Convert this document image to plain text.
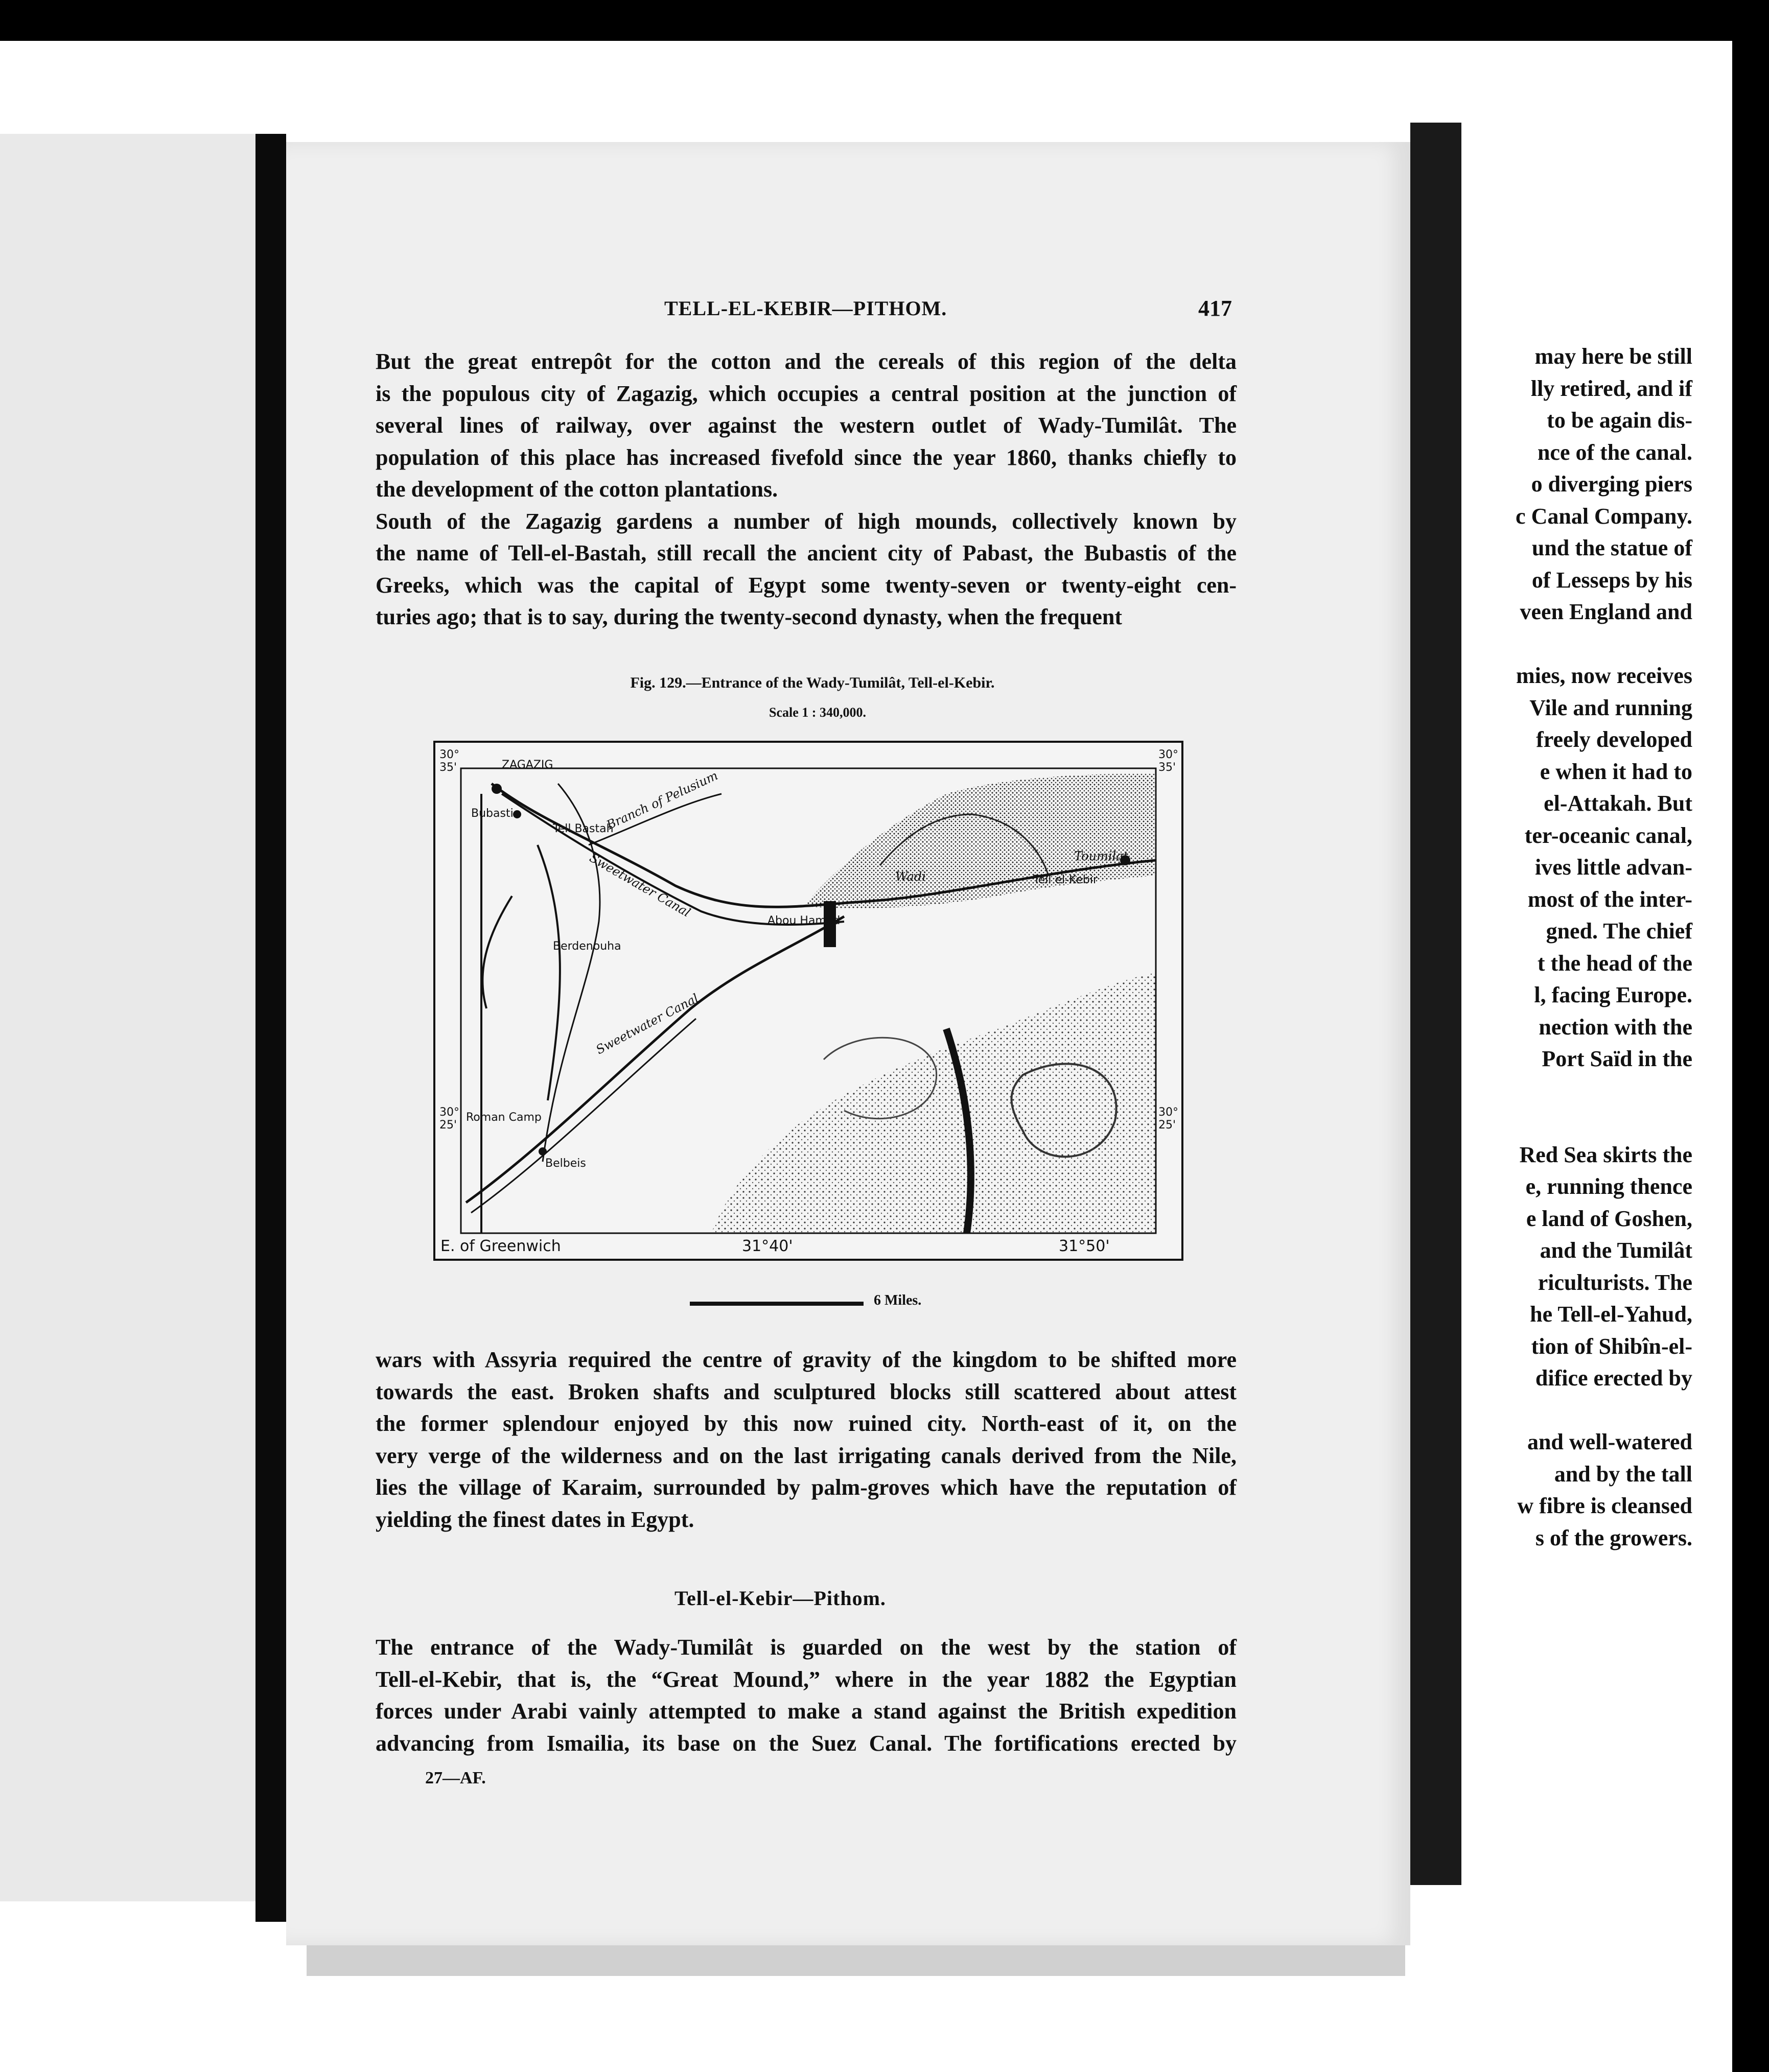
may here be still
lly retired, and if
to be again dis-
nce of the canal.
o diverging piers
c Canal Company.
und the statue of
of Lesseps by his
veen England and
mies, now receives
Vile and running
freely developed
e when it had to
el-Attakah. But
ter-oceanic canal,
ives little advan-
most of the inter-
gned. The chief
t the head of the
l, facing Europe.
nection with the
Port Saïd in the
Red Sea skirts the
e, running thence
e land of Goshen,
and the Tumilât
riculturists. The
he Tell-el-Yahud,
tion of Shibîn-el-
difice erected by
and well-watered
and by the tall
w fibre is cleansed
s of the growers.
TELL-EL-KEBIR—PITHOM.	417
But the great entrepôt for the cotton and the cereals of this region of the delta
is the populous city of Zagazig, which occupies a central position at the junction of
several lines of railway, over against the western outlet of Wady-Tumilât. The
population of this place has increased fivefold since the year 1860, thanks chiefly to
the development of the cotton plantations.
South of the Zagazig gardens a number of high mounds, collectively known by
the name of Tell-el-Bastah, still recall the ancient city of Pabast, the Bubastis of the
Greeks, which was the capital of Egypt some twenty-seven or twenty-eight cen-
turies ago; that is to say, during the twenty-second dynasty, when the frequent
Fig. 129.—Entrance of the Wady-Tumilât, Tell-el-Kebir.
Scale 1 : 340,000.
ZAGAZIG
Bubastis
Tell Bastah
Branch of Pelusium
Sweetwater Canal
Sweetwater Canal
Wadi
Toumilat
Tell el-Kebir
Abou Hamed
Berdenouha
Roman Camp
Belbeis
E. of Greenwich	31°40'	31°50'
30°
35'
30°
35'
30°
25'
30°
25'
6 Miles.
wars with Assyria required the centre of gravity of the kingdom to be shifted more
towards the east. Broken shafts and sculptured blocks still scattered about attest
the former splendour enjoyed by this now ruined city. North-east of it, on the
very verge of the wilderness and on the last irrigating canals derived from the Nile,
lies the village of Karaim, surrounded by palm-groves which have the reputation of
yielding the finest dates in Egypt.
Tell-el-Kebir—Pithom.
The entrance of the Wady-Tumilât is guarded on the west by the station of
Tell-el-Kebir, that is, the “Great Mound,” where in the year 1882 the Egyptian
forces under Arabi vainly attempted to make a stand against the British expedition
advancing from Ismailia, its base on the Suez Canal. The fortifications erected by
27—AF.
